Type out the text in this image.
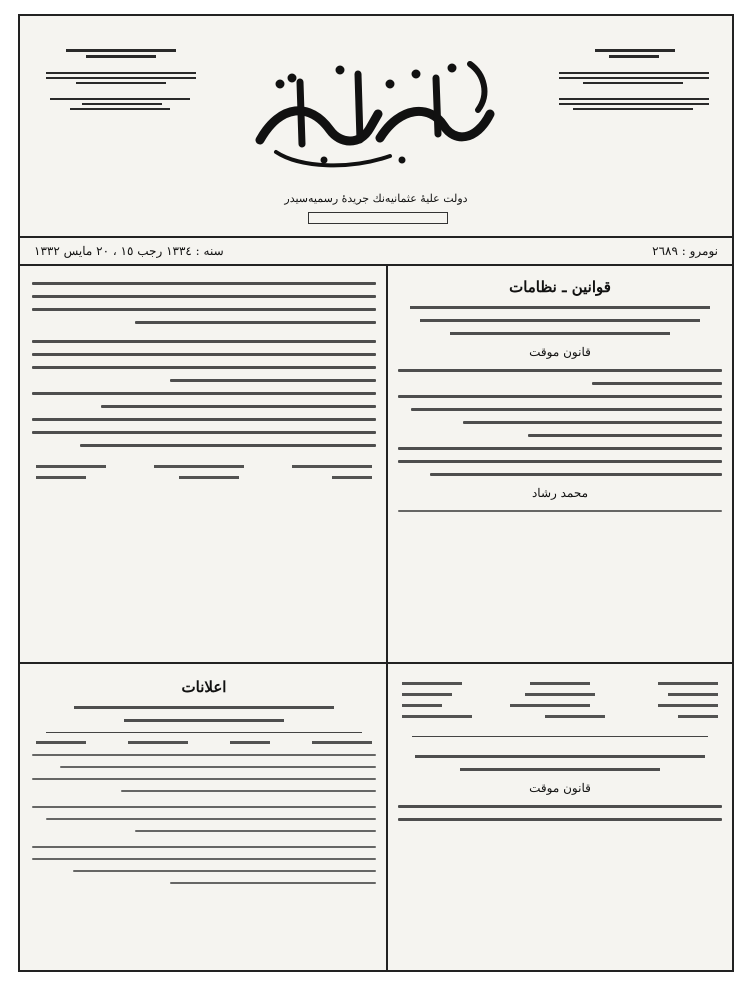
دولت عليهٔ عثمانيه‌نك جريدهٔ رسميه‌سيدر
نومرو : ٢٦٨٩
سنه : ١٣٣٤ رجب ١٥ ، ٢٠ مايس ١٣٣٢
قوانين ـ نظامات
قانون موقت
محمد رشاد
اعلانات
قانون موقت
